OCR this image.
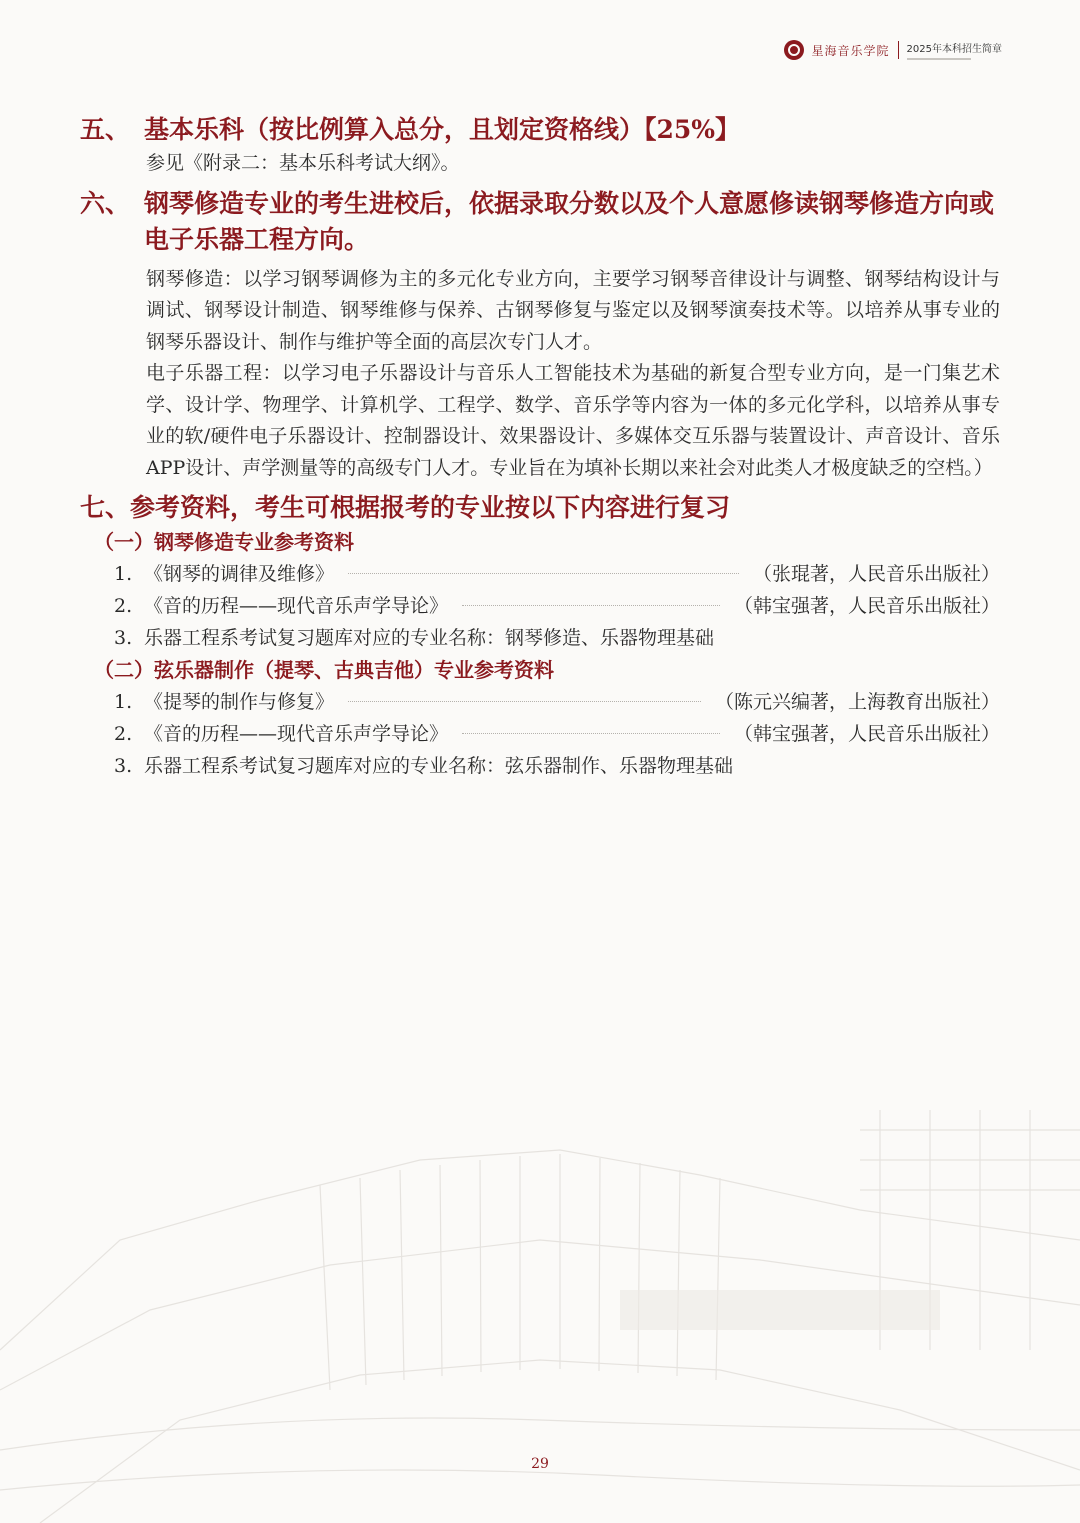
星海音乐学院 2025年本科招生简章
五、 基本乐科（按比例算入总分，且划定资格线）【25%】
参见《附录二：基本乐科考试大纲》。
六、 钢琴修造专业的考生进校后，依据录取分数以及个人意愿修读钢琴修造方向或电子乐器工程方向。
钢琴修造：以学习钢琴调修为主的多元化专业方向，主要学习钢琴音律设计与调整、钢琴结构设计与调试、钢琴设计制造、钢琴维修与保养、古钢琴修复与鉴定以及钢琴演奏技术等。以培养从事专业的钢琴乐器设计、制作与维护等全面的高层次专门人才。
电子乐器工程：以学习电子乐器设计与音乐人工智能技术为基础的新复合型专业方向，是一门集艺术学、设计学、物理学、计算机学、工程学、数学、音乐学等内容为一体的多元化学科，以培养从事专业的软/硬件电子乐器设计、控制器设计、效果器设计、多媒体交互乐器与装置设计、声音设计、音乐APP设计、声学测量等的高级专门人才。专业旨在为填补长期以来社会对此类人才极度缺乏的空档。）
七、参考资料，考生可根据报考的专业按以下内容进行复习
（一）钢琴修造专业参考资料
1. 《钢琴的调律及维修》	（张琨著，人民音乐出版社）
2. 《音的历程——现代音乐声学导论》	（韩宝强著，人民音乐出版社）
3. 乐器工程系考试复习题库对应的专业名称：钢琴修造、乐器物理基础
（二）弦乐器制作（提琴、古典吉他）专业参考资料
1. 《提琴的制作与修复》	（陈元兴编著，上海教育出版社）
2. 《音的历程——现代音乐声学导论》	（韩宝强著，人民音乐出版社）
3. 乐器工程系考试复习题库对应的专业名称：弦乐器制作、乐器物理基础
29
